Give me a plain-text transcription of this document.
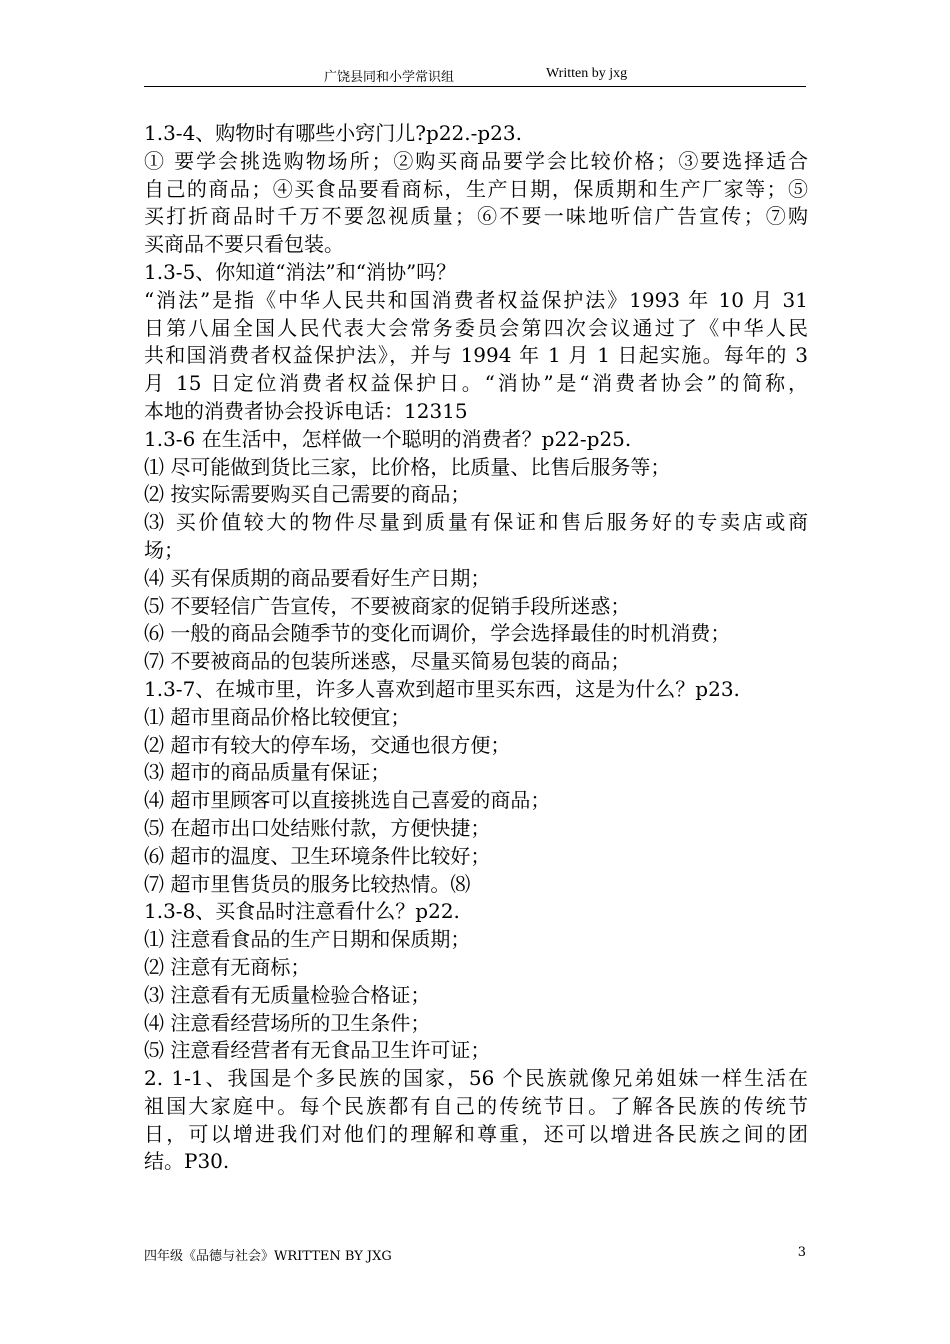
广饶县同和小学常识组	Written by jxg
1.3-4、购物时有哪些小窍门儿?p22.-p23.
① 要学会挑选购物场所；②购买商品要学会比较价格；③要选择适合
自己的商品；④买食品要看商标，生产日期，保质期和生产厂家等；⑤
买打折商品时千万不要忽视质量；⑥不要一味地听信广告宣传；⑦购
买商品不要只看包装。
1.3-5、你知道“消法”和“消协”吗？
“消法”是指《中华人民共和国消费者权益保护法》1993 年 10 月 31
日第八届全国人民代表大会常务委员会第四次会议通过了《中华人民
共和国消费者权益保护法》，并与 1994 年 1 月 1 日起实施。每年的 3
月 15 日定位消费者权益保护日。“消协”是“消费者协会”的简称，
本地的消费者协会投诉电话：12315
1.3-6 在生活中，怎样做一个聪明的消费者？p22-p25.
⑴ 尽可能做到货比三家，比价格，比质量、比售后服务等；
⑵ 按实际需要购买自己需要的商品；
⑶ 买价值较大的物件尽量到质量有保证和售后服务好的专卖店或商
场；
⑷ 买有保质期的商品要看好生产日期；
⑸ 不要轻信广告宣传，不要被商家的促销手段所迷惑；
⑹ 一般的商品会随季节的变化而调价，学会选择最佳的时机消费；
⑺ 不要被商品的包装所迷惑，尽量买简易包装的商品；
1.3-7、在城市里，许多人喜欢到超市里买东西，这是为什么？p23.
⑴ 超市里商品价格比较便宜；
⑵ 超市有较大的停车场，交通也很方便；
⑶ 超市的商品质量有保证；
⑷ 超市里顾客可以直接挑选自己喜爱的商品；
⑸ 在超市出口处结账付款，方便快捷；
⑹ 超市的温度、卫生环境条件比较好；
⑺ 超市里售货员的服务比较热情。⑻
1.3-8、买食品时注意看什么？p22.
⑴ 注意看食品的生产日期和保质期；
⑵ 注意有无商标；
⑶ 注意看有无质量检验合格证；
⑷ 注意看经营场所的卫生条件；
⑸ 注意看经营者有无食品卫生许可证；
2. 1-1、我国是个多民族的国家，56 个民族就像兄弟姐妹一样生活在
祖国大家庭中。每个民族都有自己的传统节日。了解各民族的传统节
日，可以增进我们对他们的理解和尊重，还可以增进各民族之间的团
结。P30.
四年级《品德与社会》WRITTEN BY JXG	3
